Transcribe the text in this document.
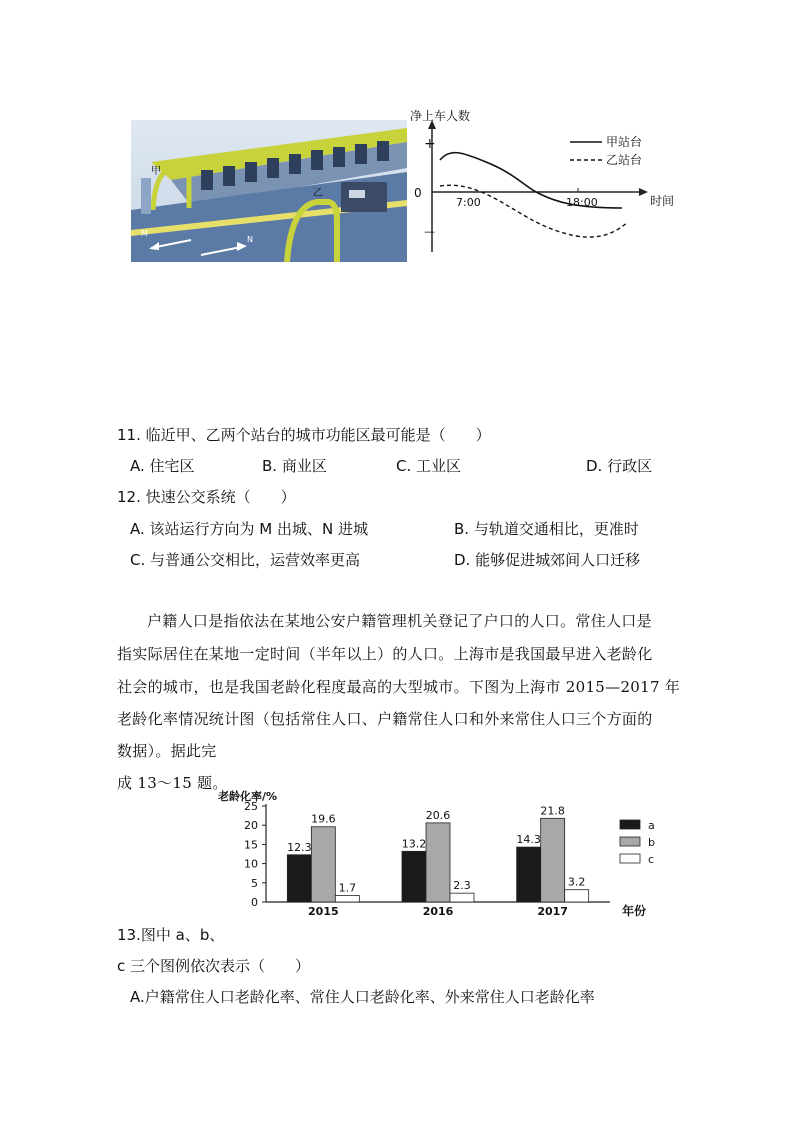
甲
乙
M
N
净上车人数
+
0
—
7:00	18:00	时间
甲站台
乙站台
11. 临近甲、乙两个站台的城市功能区最可能是（　　）
A. 住宅区	B. 商业区	C. 工业区	D. 行政区
12. 快速公交系统（　　）
A. 该站运行方向为 M 出城、N 进城	B. 与轨道交通相比，更准时
C. 与普通公交相比，运营效率更高	D. 能够促进城郊间人口迁移
户籍人口是指依法在某地公安户籍管理机关登记了户口的人口。常住人口是
指实际居住在某地一定时间（半年以上）的人口。上海市是我国最早进入老龄化
社会的城市，也是我国老龄化程度最高的大型城市。下图为上海市 2015—2017 年
老龄化率情况统计图（包括常住人口、户籍常住人口和外来常住人口三个方面的
数据）。据此完
成 13～15 题。
老龄化率/%
0
5
10
15
20
25
12.3
19.6
1.7
2015
13.2
20.6
2.3
2016
14.3
21.8
3.2
2017	年份
a
b
c
13.图中 a、b、
c 三个图例依次表示（　　）
A.户籍常住人口老龄化率、常住人口老龄化率、外来常住人口老龄化率
